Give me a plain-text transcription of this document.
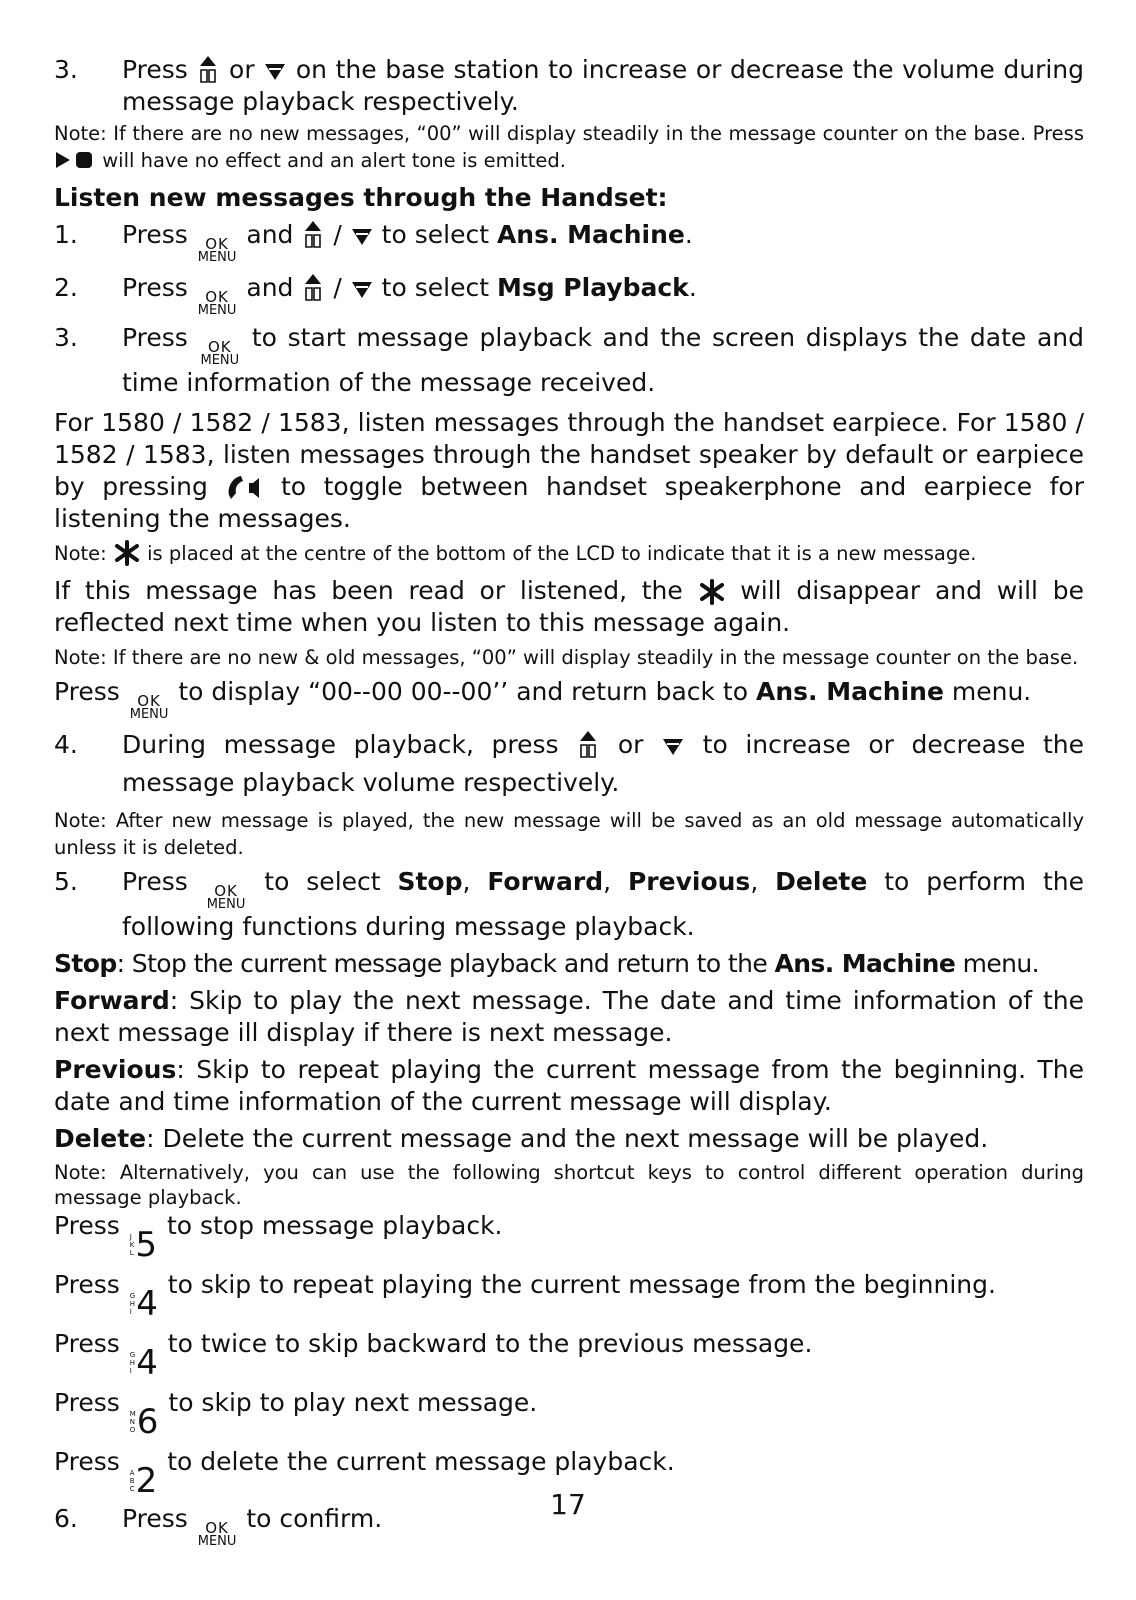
3.	Press or on the base station to increase or decrease the volume during message playback respectively.
Note: If there are no new messages, “00” will display steadily in the message counter on the base. Press  will have no effect and an alert tone is emitted.
Listen new messages through the Handset:
1.	Press OK
MENU
and / to select Ans. Machine.
2.	Press OK
MENU
and / to select Msg Playback.
3.	Press OK
MENU
to start message playback and the screen displays the date and time information of the message received.
For 1580 / 1582 / 1583, listen messages through the handset earpiece. For 1580 / 1582 / 1583, listen messages through the handset speaker by default or earpiece by pressing	to toggle between handset speakerphone and earpiece for listening the messages.
Note: is placed at the centre of the bottom of the LCD to indicate that it is a new message.
If this message has been read or listened, the will disappear and will be reflected next time when you listen to this message again.
Note: If there are no new & old messages, “00” will display steadily in the message counter on the base.
Press OK
MENU
to display “00--00 00--00’’ and return back to Ans. Machine menu.
4.	During message playback, press or to increase or decrease the message playback volume respectively.
Note: After new message is played, the new message will be saved as an old message automatically unless it is deleted.
5.	Press OK
MENU
to select Stop, Forward, Previous, Delete to perform the following functions during message playback.
Stop: Stop the current message playback and return to the Ans. Machine menu.
Forward: Skip to play the next message. The date and time information of the next message ill display if there is next message.
Previous: Skip to repeat playing the current message from the beginning. The date and time information of the current message will display.
Delete: Delete the current message and the next message will be played.
Note: Alternatively, you can use the following shortcut keys to control different operation during message playback.
Press J
K
L 5 to stop message playback.
Press G
H
I 4 to skip to repeat playing the current message from the beginning.
Press G
H
I 4 to twice to skip backward to the previous message.
Press M
N
O 6 to skip to play next message.
Press A
B
C 2 to delete the current message playback.
6.	Press OK
MENU
to confirm.	17
